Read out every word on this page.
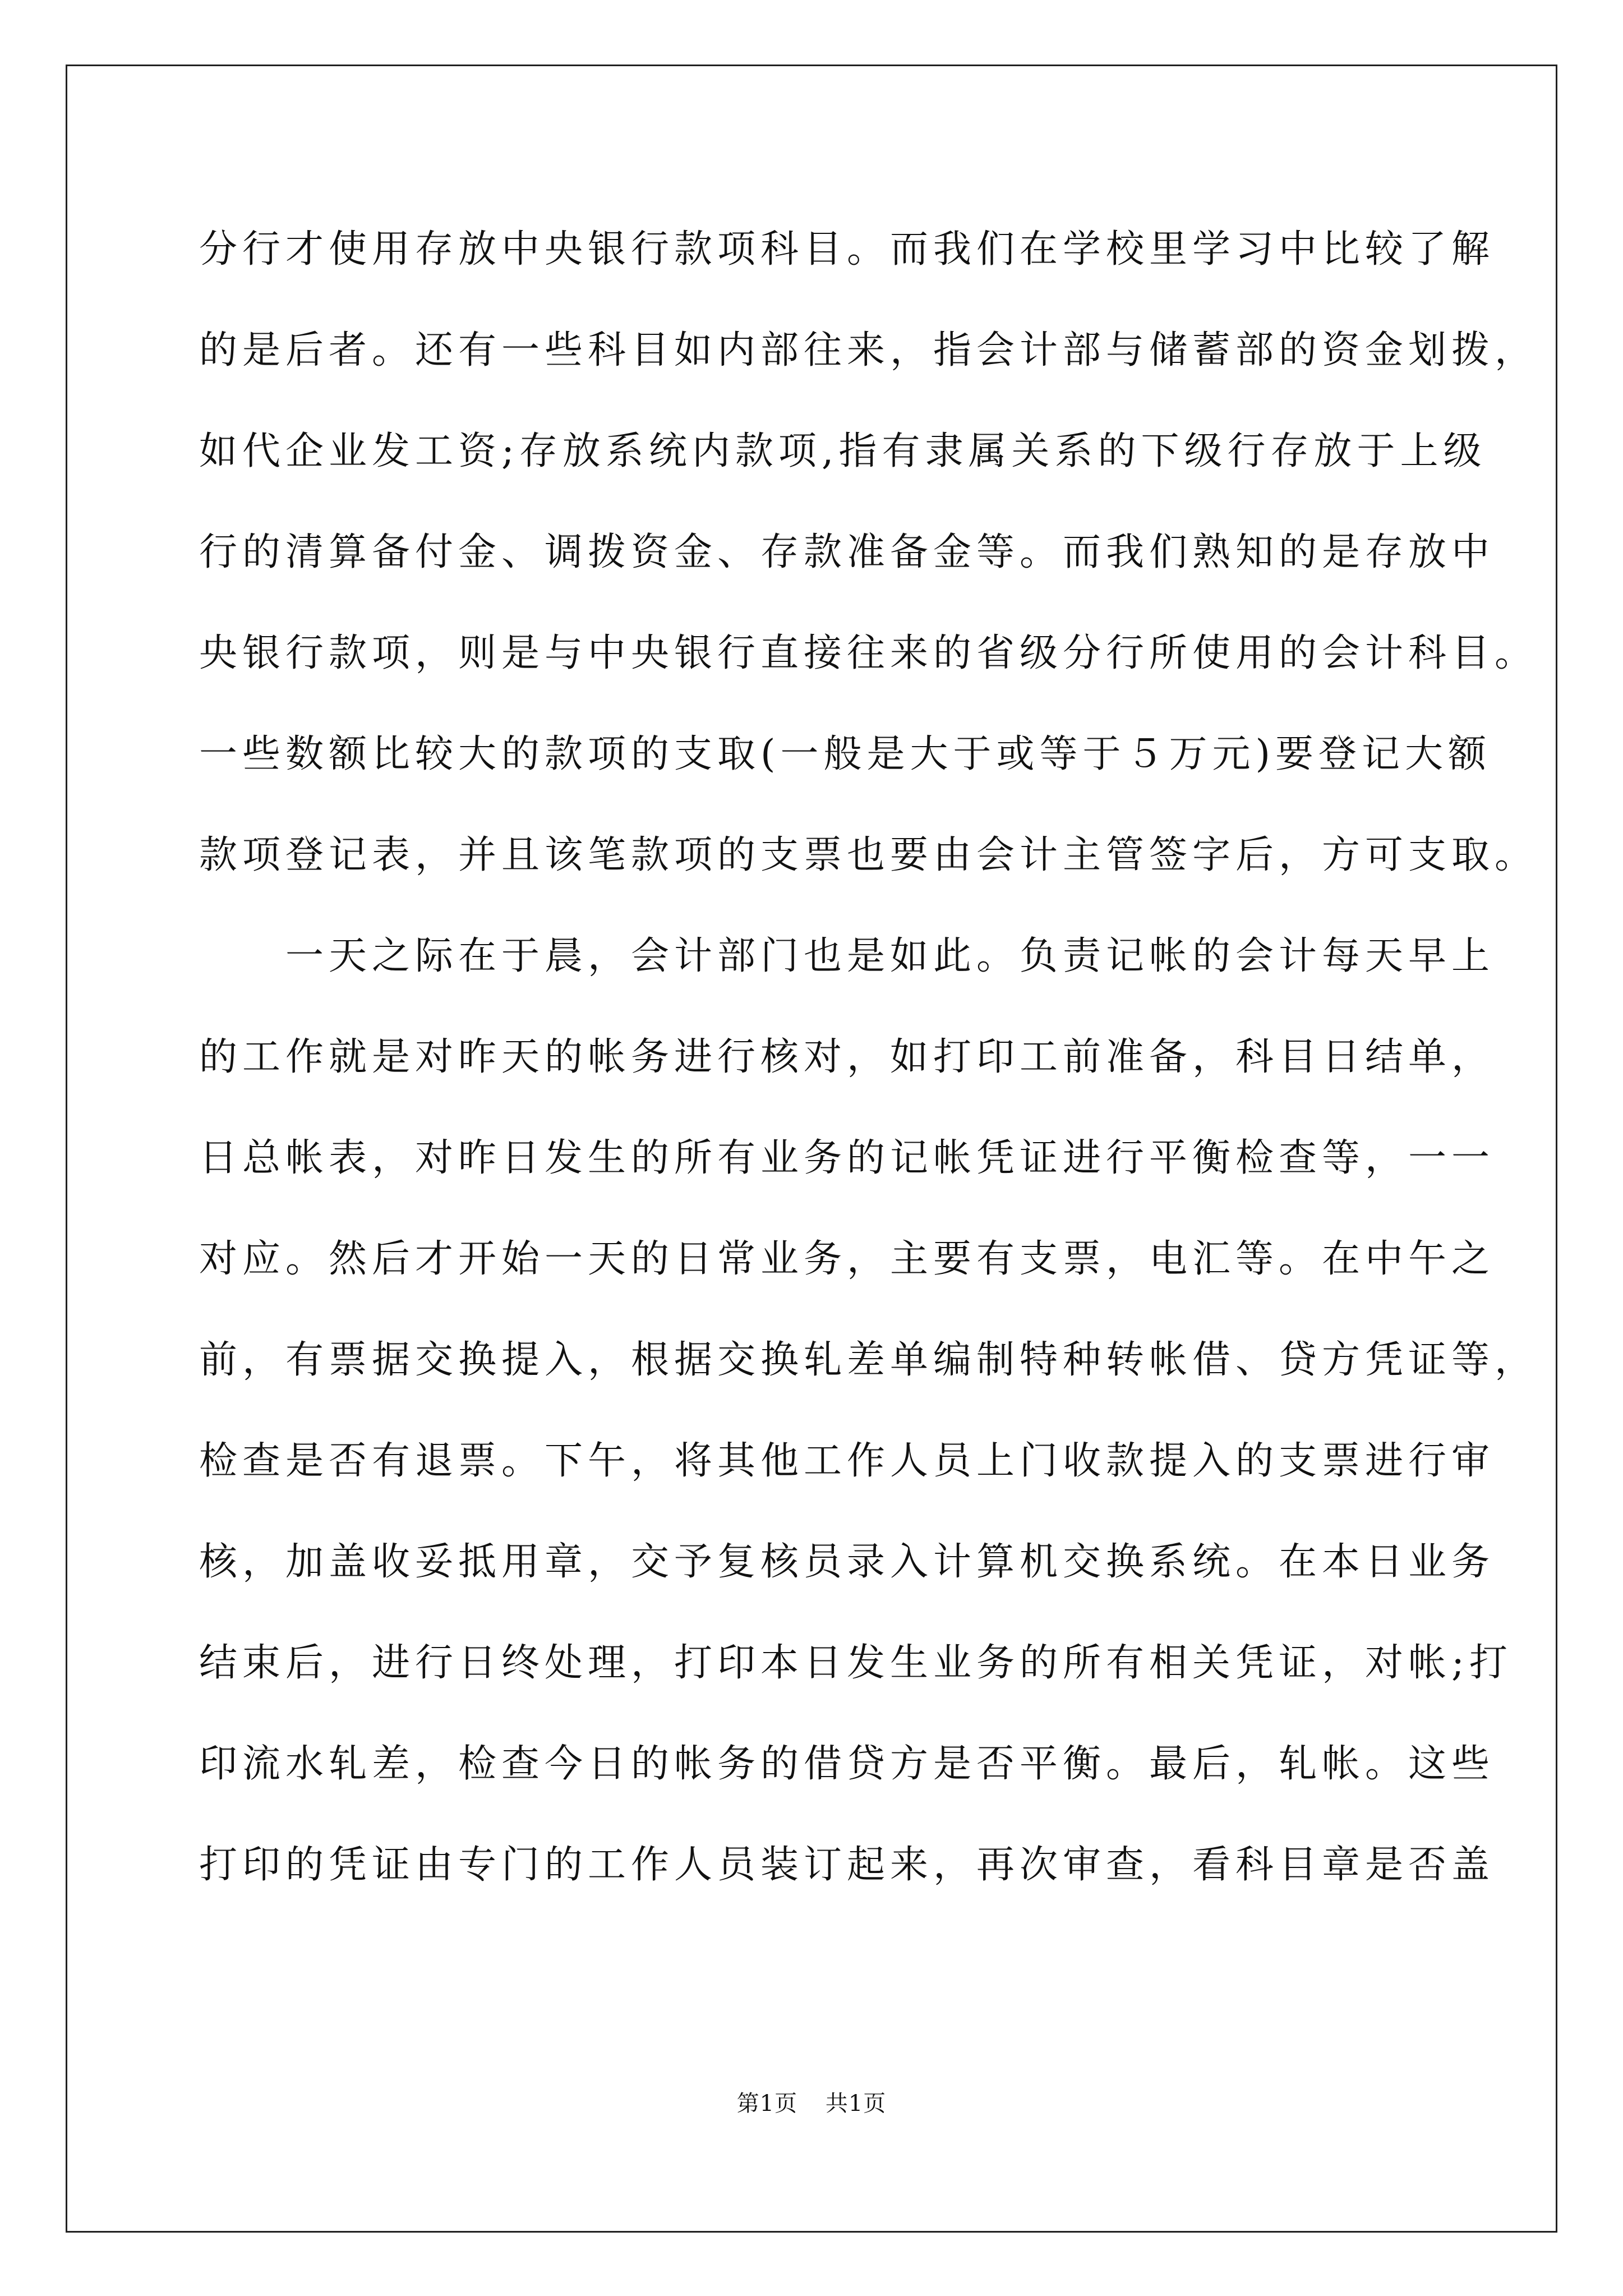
分行才使用存放中央银行款项科目。而我们在学校里学习中比较了解
的是后者。还有一些科目如内部往来，指会计部与储蓄部的资金划拨，
如代企业发工资;存放系统内款项,指有隶属关系的下级行存放于上级
行的清算备付金、调拨资金、存款准备金等。而我们熟知的是存放中
央银行款项，则是与中央银行直接往来的省级分行所使用的会计科目。
一些数额比较大的款项的支取(一般是大于或等于５万元)要登记大额
款项登记表，并且该笔款项的支票也要由会计主管签字后，方可支取。
　　一天之际在于晨，会计部门也是如此。负责记帐的会计每天早上
的工作就是对昨天的帐务进行核对，如打印工前准备，科目日结单，
日总帐表，对昨日发生的所有业务的记帐凭证进行平衡检查等，一一
对应。然后才开始一天的日常业务，主要有支票，电汇等。在中午之
前，有票据交换提入，根据交换轧差单编制特种转帐借、贷方凭证等，
检查是否有退票。下午，将其他工作人员上门收款提入的支票进行审
核，加盖收妥抵用章，交予复核员录入计算机交换系统。在本日业务
结束后，进行日终处理，打印本日发生业务的所有相关凭证，对帐;打
印流水轧差，检查今日的帐务的借贷方是否平衡。最后，轧帐。这些
打印的凭证由专门的工作人员装订起来，再次审查，看科目章是否盖
第1页 共1页
